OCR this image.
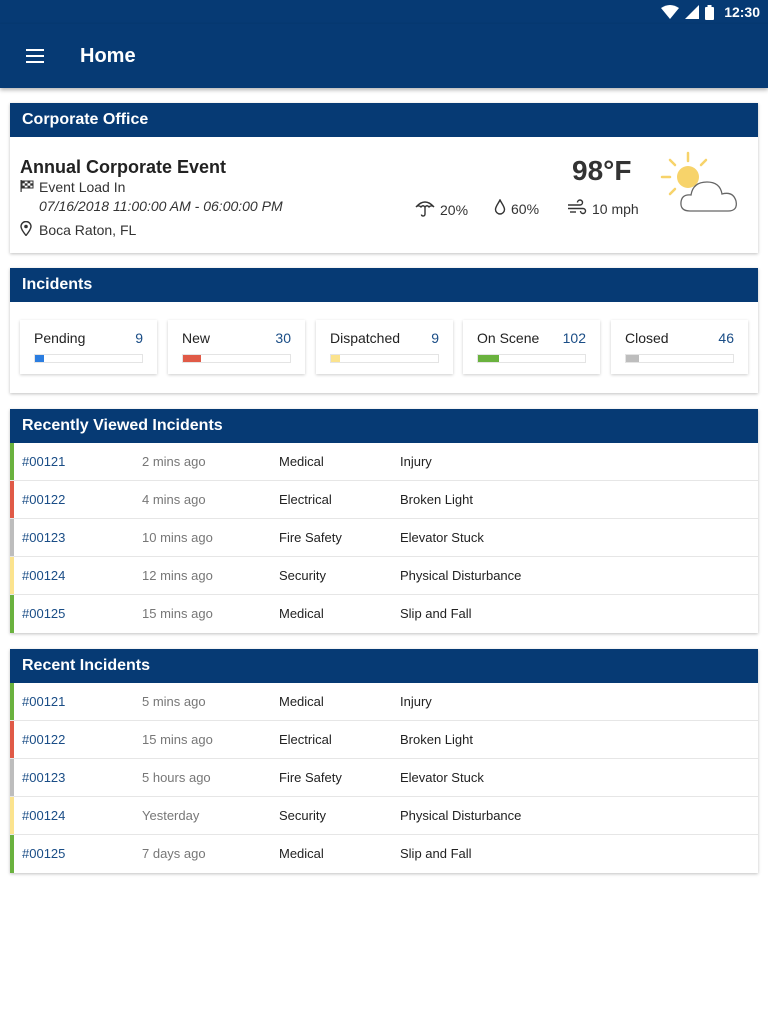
12:30
Home
Corporate Office
Annual Corporate Event
Event Load In
07/16/2018 11:00:00 AM - 06:00:00 PM
Boca Raton, FL
98°F
20%	60%	10 mph
Incidents
Pending	9	New	30	Dispatched 9	On Scene 102	Closed	46
Recently Viewed Incidents
#00121	2 mins ago	Medical	Injury
#00122	4 mins ago	Electrical	Broken Light
#00123	10 mins ago	Fire Safety	Elevator Stuck
#00124	12 mins ago	Security	Physical Disturbance
#00125	15 mins ago	Medical	Slip and Fall
Recent Incidents
#00121	5 mins ago	Medical	Injury
#00122	15 mins ago	Electrical	Broken Light
#00123	5 hours ago	Fire Safety	Elevator Stuck
#00124	Yesterday	Security	Physical Disturbance
#00125	7 days ago	Medical	Slip and Fall
